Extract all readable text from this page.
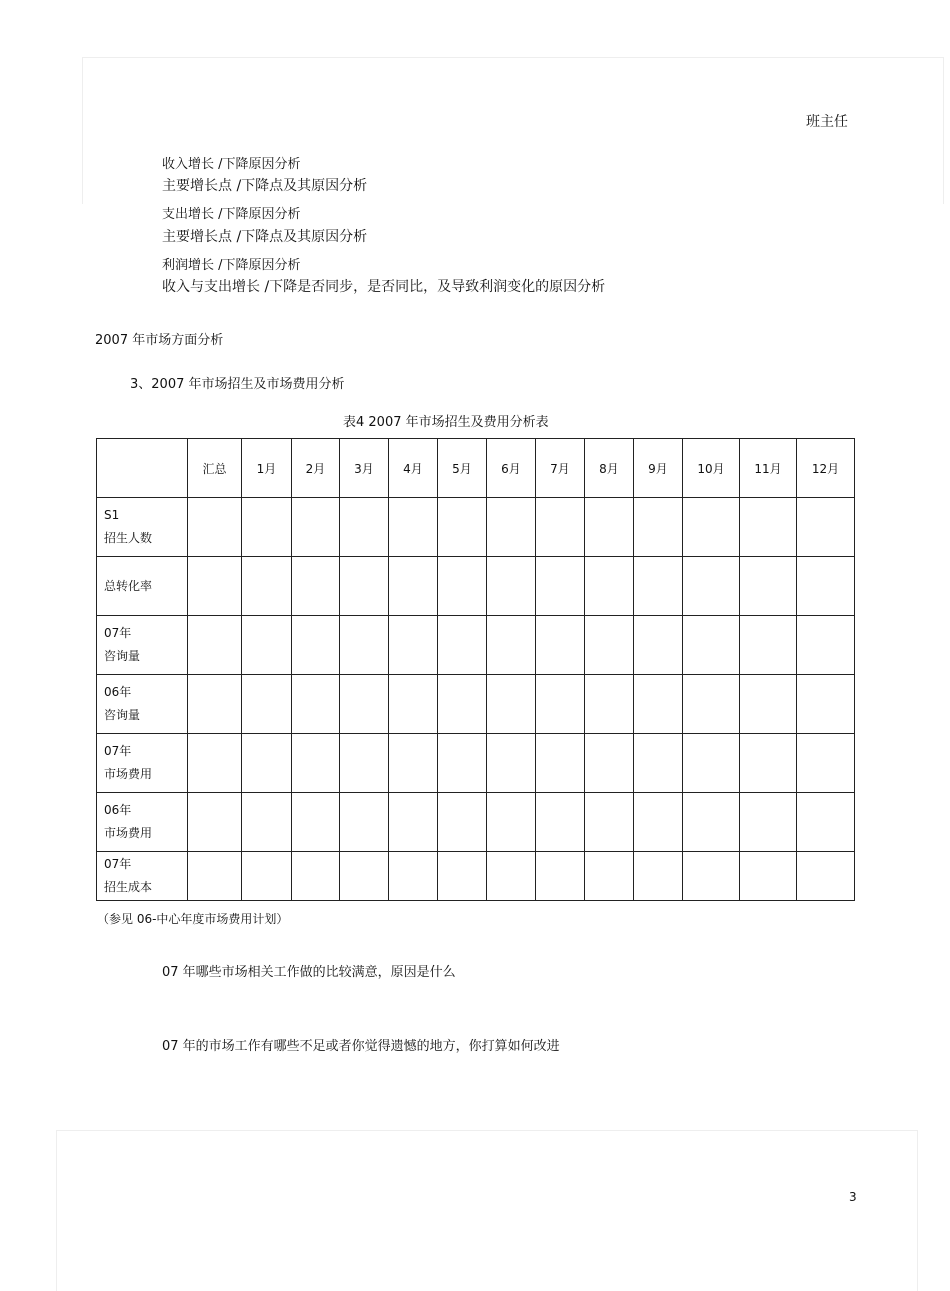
班主任
收入增长 /下降原因分析
主要增长点 /下降点及其原因分析
支出增长 /下降原因分析
主要增长点 /下降点及其原因分析
利润增长 /下降原因分析
收入与支出增长 /下降是否同步，是否同比，及导致利润变化的原因分析
2007 年市场方面分析
3、2007 年市场招生及市场费用分析
表4 2007 年市场招生及费用分析表
	汇总	1月	2月	3月	4月	5月	6月	7月	8月	9月	10月	11月	12月

S1
招生人数													

总转化率													

07年
咨询量													

06年
咨询量													

07年
市场费用													

06年
市场费用													

07年
招生成本													

（参见 06-中心年度市场费用计划）
07 年哪些市场相关工作做的比较满意，原因是什么
07 年的市场工作有哪些不足或者你觉得遗憾的地方，你打算如何改进
3
